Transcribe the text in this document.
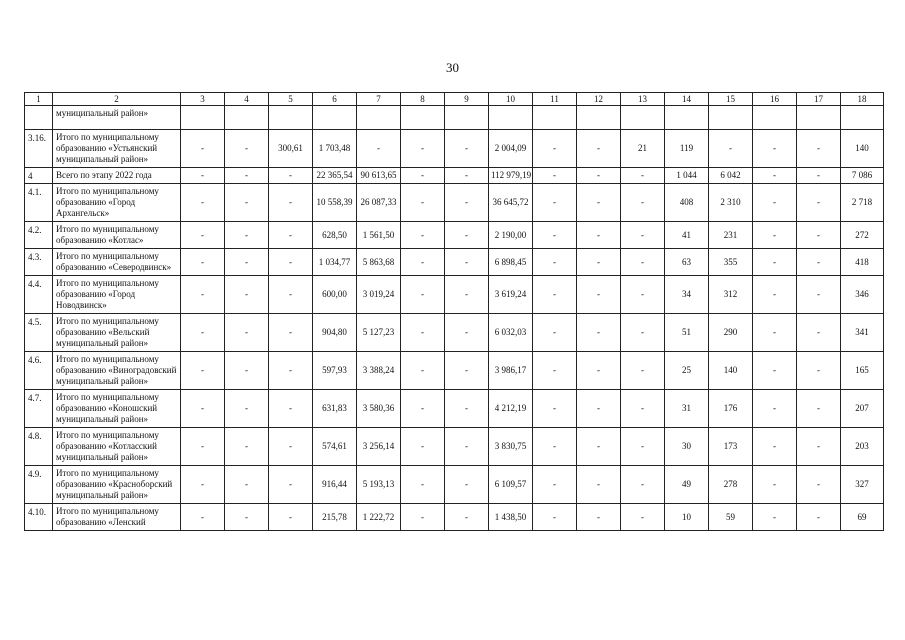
30
1	2	3	4	5	6	7	8	9	10	11	12	13	14	15	16	17	18
	муниципальный район»																
3.16.	Итого по муниципальному образованию «Устьянский муниципальный район»	-	-	300,61	1 703,48	-	-	-	2 004,09	-	-	21	119	-	-	-	140
4	Всего по этапу 2022 года	-	-	-	22 365,54	90 613,65	-	-	112 979,19	-	-	-	1 044	6 042	-	-	7 086
4.1.	Итого по муниципальному образованию «Город Архангельск»	-	-	-	10 558,39	26 087,33	-	-	36 645,72	-	-	-	408	2 310	-	-	2 718
4.2.	Итого по муниципальному образованию «Котлас»	-	-	-	628,50	1 561,50	-	-	2 190,00	-	-	-	41	231	-	-	272
4.3.	Итого по муниципальному образованию «Северодвинск»	-	-	-	1 034,77	5 863,68	-	-	6 898,45	-	-	-	63	355	-	-	418
4.4.	Итого по муниципальному образованию «Город Новодвинск»	-	-	-	600,00	3 019,24	-	-	3 619,24	-	-	-	34	312	-	-	346
4.5.	Итого по муниципальному образованию «Вельский муниципальный район»	-	-	-	904,80	5 127,23	-	-	6 032,03	-	-	-	51	290	-	-	341
4.6.	Итого по муниципальному образованию «Виноградовский муниципальный район»	-	-	-	597,93	3 388,24	-	-	3 986,17	-	-	-	25	140	-	-	165
4.7.	Итого по муниципальному образованию «Коношский муниципальный район»	-	-	-	631,83	3 580,36	-	-	4 212,19	-	-	-	31	176	-	-	207
4.8.	Итого по муниципальному образованию «Котласский муниципальный район»	-	-	-	574,61	3 256,14	-	-	3 830,75	-	-	-	30	173	-	-	203
4.9.	Итого по муниципальному образованию «Красноборский муниципальный район»	-	-	-	916,44	5 193,13	-	-	6 109,57	-	-	-	49	278	-	-	327
4.10.	Итого по муниципальному образованию «Ленский	-	-	-	215,78	1 222,72	-	-	1 438,50	-	-	-	10	59	-	-	69
